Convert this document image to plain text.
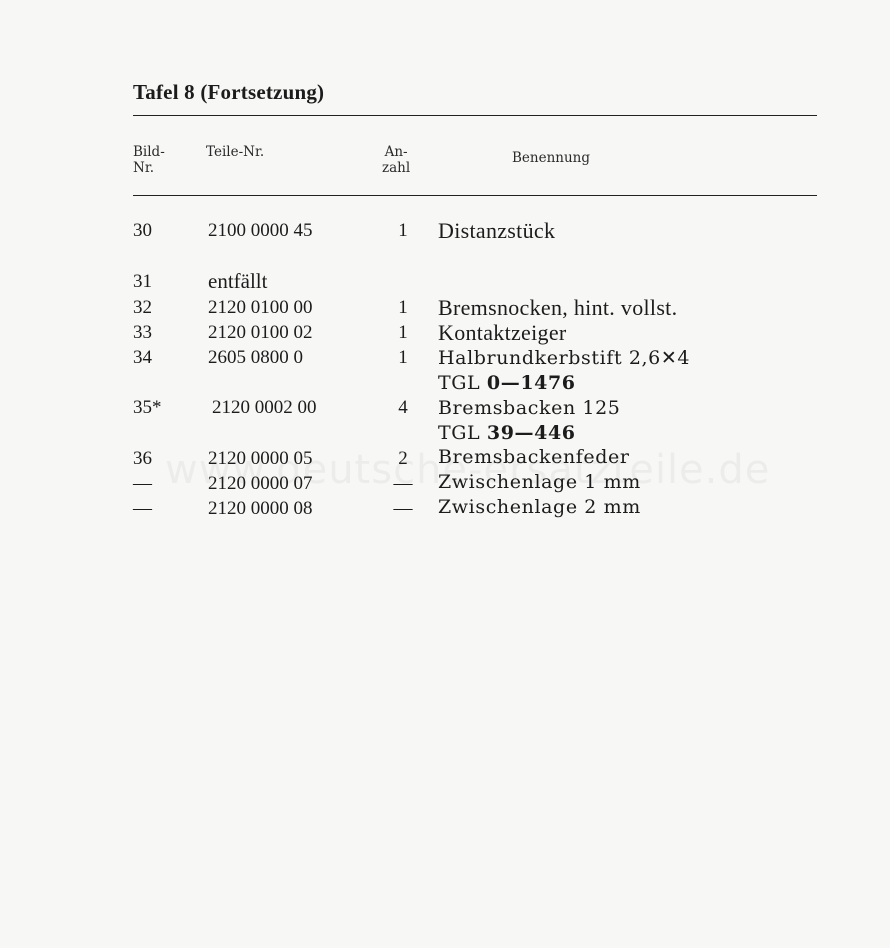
Tafel 8 (Fortsetzung)
Bild-
Nr.
Teile-Nr.	An-
zahl
Benennung
30	2100 0000 45	1	Distanzstück
31	entfällt
32	2120 0100 00	1	Bremsnocken, hint. vollst.
33	2120 0100 02	1	Kontaktzeiger
34	2605 0800 0	1	Halbrundkerbstift 2,6✕4
TGL 0—1476
35*	2120 0002 00	4	Bremsbacken 125
TGL 39—446
36	2120 0000 05	2	Bremsbackenfeder
—	2120 0000 07	— Zwischenlage 1 mm
—	2120 0000 08	— Zwischenlage 2 mm
